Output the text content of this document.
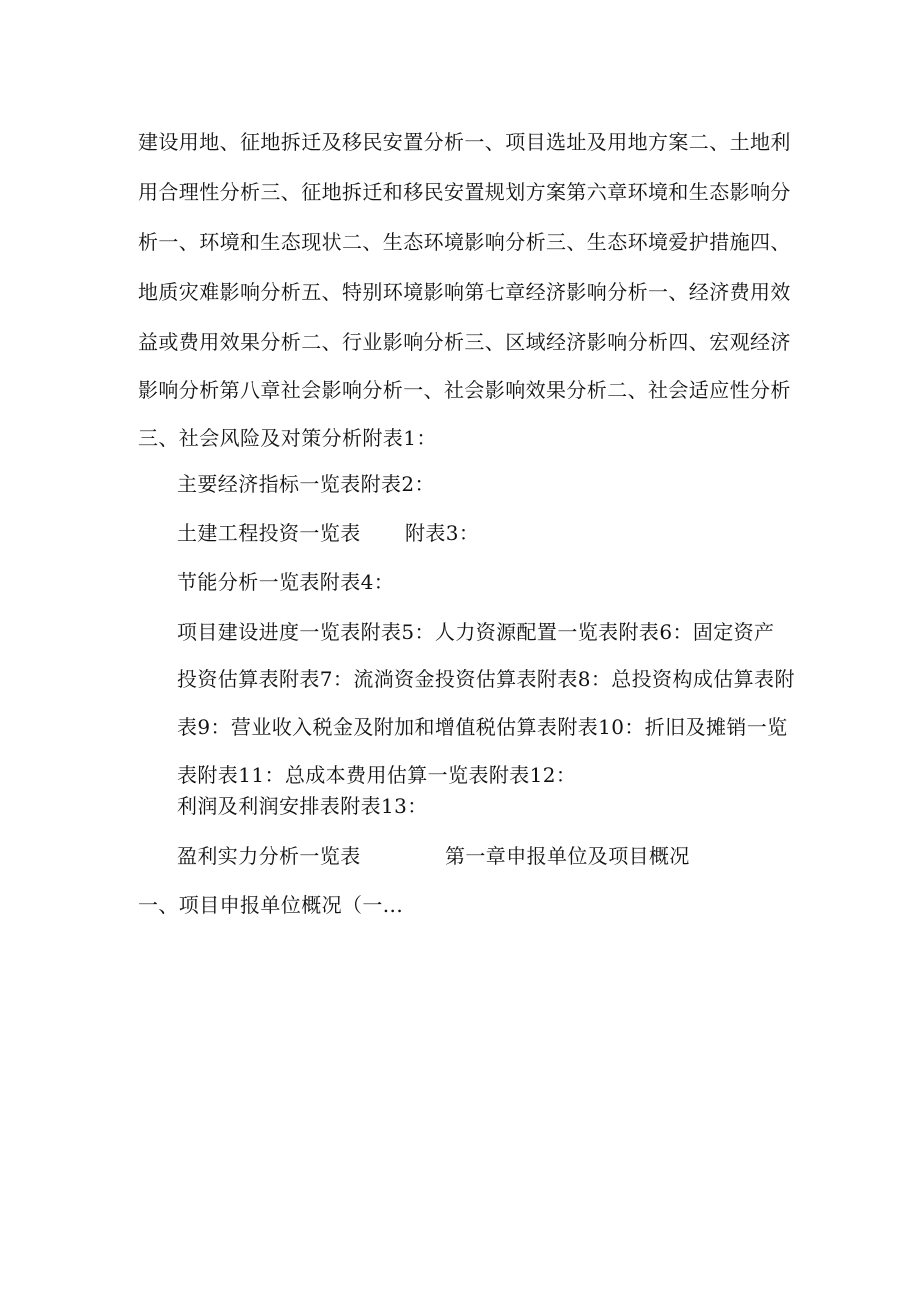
建设用地、征地拆迁及移民安置分析一、项目选址及用地方案二、土地利
用合理性分析三、征地拆迁和移民安置规划方案第六章环境和生态影响分
析一、环境和生态现状二、生态环境影响分析三、生态环境爱护措施四、
地质灾难影响分析五、特别环境影响第七章经济影响分析一、经济费用效
益或费用效果分析二、行业影响分析三、区域经济影响分析四、宏观经济
影响分析第八章社会影响分析一、社会影响效果分析二、社会适应性分析
三、社会风险及对策分析附表1：
主要经济指标一览表附表2：
土建工程投资一览表 附表3：
节能分析一览表附表4：
项目建设进度一览表附表5：人力资源配置一览表附表6：固定资产
投资估算表附表7：流淌资金投资估算表附表8：总投资构成估算表附
表9：营业收入税金及附加和增值税估算表附表10：折旧及摊销一览
表附表11：总成本费用估算一览表附表12：
利润及利润安排表附表13：
盈利实力分析一览表	第一章申报单位及项目概况
一、项目申报单位概况（一...
